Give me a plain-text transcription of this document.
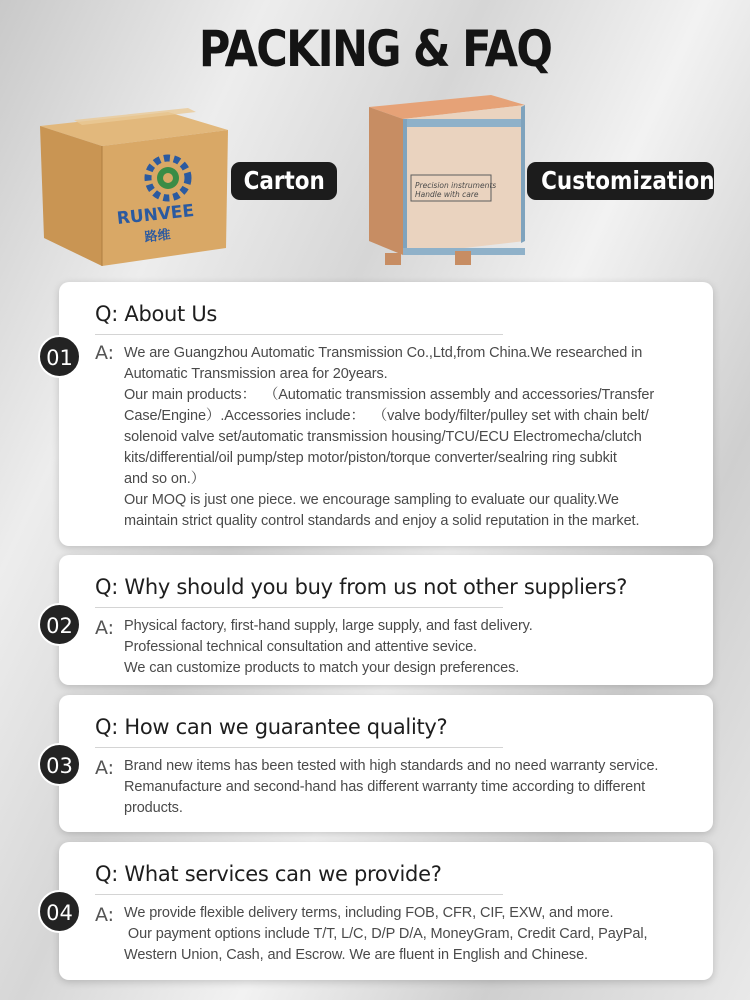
PACKING & FAQ
RUNVEE
路维
Carton	Precision instruments
Handle with care	Customization
Q: About Us
A: We are Guangzhou Automatic Transmission Co.,Ltd,from China.We researched in
Automatic Transmission area for 20years.
Our main products：  （Automatic transmission assembly and accessories/Transfer
Case/Engine）.Accessories include：  （valve body/filter/pulley set with chain belt/
solenoid valve set/automatic transmission housing/TCU/ECU Electromecha/clutch
kits/differential/oil pump/step motor/piston/torque converter/sealring ring subkit
and so on.）
Our MOQ is just one piece. we encourage sampling to evaluate our quality.We
maintain strict quality control standards and enjoy a solid reputation in the market.
01
Q: Why should you buy from us not other suppliers?
A: Physical factory, first-hand supply, large supply, and fast delivery.
Professional technical consultation and attentive sevice.
We can customize products to match your design preferences.
02
Q: How can we guarantee quality?
A: Brand new items has been tested with high standards and no need warranty service.
Remanufacture and second-hand has different warranty time according to different
products.
03
Q: What services can we provide?
A: We provide flexible delivery terms, including FOB, CFR, CIF, EXW, and more.
Our payment options include T/T, L/C, D/P D/A, MoneyGram, Credit Card, PayPal,
Western Union, Cash, and Escrow. We are fluent in English and Chinese.
04
